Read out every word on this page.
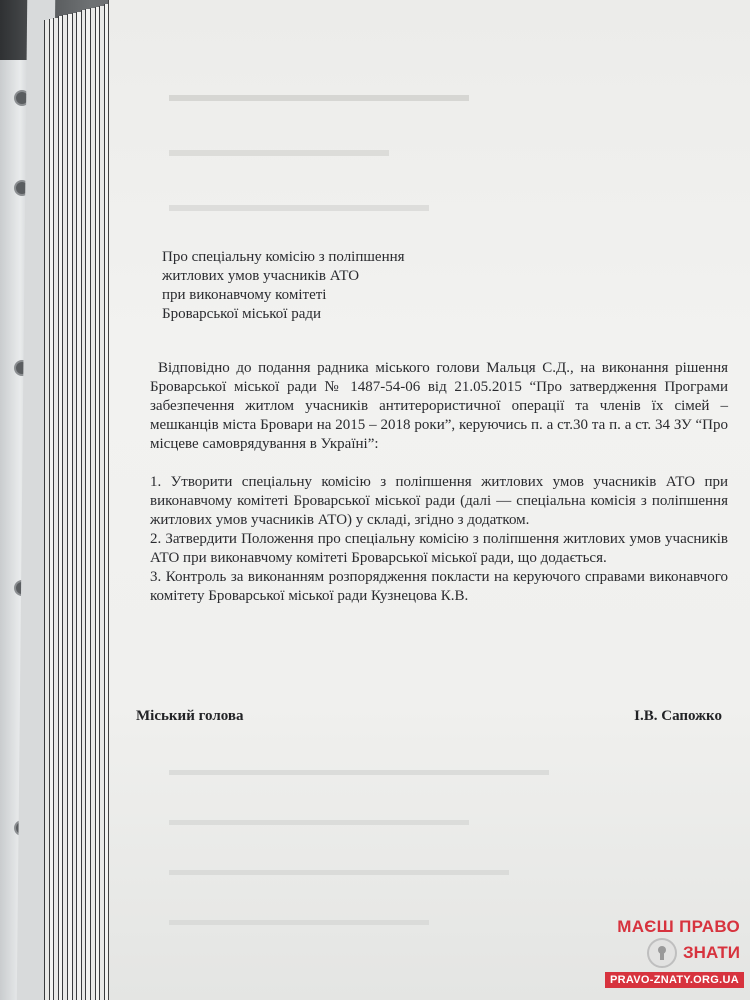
Про спеціальну комісію з поліпшення
житлових умов учасників АТО
при виконавчому комітеті
Броварської міської ради

Відповідно до подання радника міського голови Мальця С.Д., на виконання рішення Броварської міської ради № 1487-54-06 від 21.05.2015 “Про затвердження Програми забезпечення житлом учасників антитерористичної операції та членів їх сімей – мешканців міста Бровари на 2015 – 2018 роки”, керуючись п. а ст.30 та п. а ст. 34 ЗУ “Про місцеве самоврядування в Україні”:

1. Утворити спеціальну комісію з поліпшення житлових умов учасників АТО при виконавчому комітеті Броварської міської ради (далі — спеціальна комісія з поліпшення житлових умов учасників АТО) у складі, згідно з додатком.

2. Затвердити Положення про спеціальну комісію з поліпшення житлових умов учасників АТО при виконавчому комітеті Броварської міської ради, що додається.

3. Контроль за виконанням розпорядження покласти на керуючого справами виконавчого комітету Броварської міської ради Кузнецова К.В.

Міський голова	І.В. Сапожко
МАЄШ ПРАВО
ЗНАТИ
PRAVO-ZNATY.ORG.UA
